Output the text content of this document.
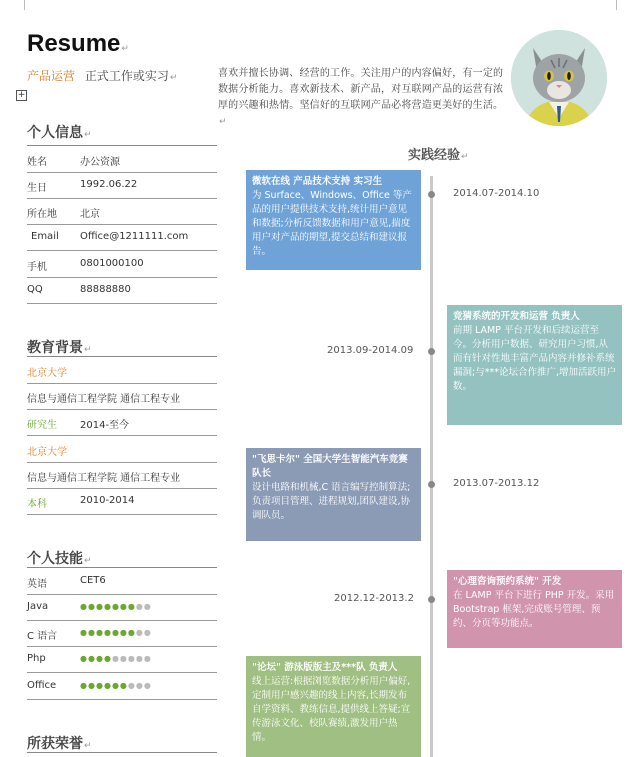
Resume↵
产品运营 正式工作或实习↵
+
喜欢并擅长协调、经营的工作。关注用户的内容偏好，有一定的数据分析能力。喜欢新技术、新产品，对互联网产品的运营有浓厚的兴趣和热情。坚信好的互联网产品必将营造更美好的生活。↵
个人信息↵
姓名	办公资源
生日	1992.06.22
所在地 北京
Email Office@1211111.com
手机	0801000100
QQ	88888880
教育背景↵
北京大学
信息与通信工程学院 通信工程专业
研究生 2014-至今
北京大学
信息与通信工程学院 通信工程专业
本科	2010-2014
个人技能↵
英语	CET6
Java	●●●●●●●●●
C 语言	●●●●●●●●●
Php	●●●●●●●●●
Office	●●●●●●●●●
所获荣誉↵
实践经验↵
微软在线 产品技术支持 实习生
为 Surface、Windows、Office 等产品的用户提供技术支持,统计用户意见和数据;分析反馈数据和用户意见,揣度用户对产品的期望,提交总结和建议报告。
2014.07-2014.10
竞猜系统的开发和运营 负责人
前期 LAMP 平台开发和后续运营至今。分析用户数据、研究用户习惯,从而有针对性地丰富产品内容并修补系统漏洞;与***论坛合作推广,增加活跃用户数。
2013.09-2014.09
"飞思卡尔" 全国大学生智能汽车竞赛 队长
设计电路和机械,C 语言编写控制算法;负责项目管理、进程规划,团队建设,协调队员。
2013.07-2013.12
"心理咨询预约系统" 开发
在 LAMP 平台下进行 PHP 开发。采用 Bootstrap 框架,完成账号管理、预约、分页等功能点。
2012.12-2013.2
"论坛" 游泳版版主及***队 负责人
线上运营:根据浏览数据分析用户偏好,定制用户感兴趣的线上内容,长期发布自学资料、教练信息,提供线上答疑;宣传游泳文化、校队赛绩,激发用户热情。
